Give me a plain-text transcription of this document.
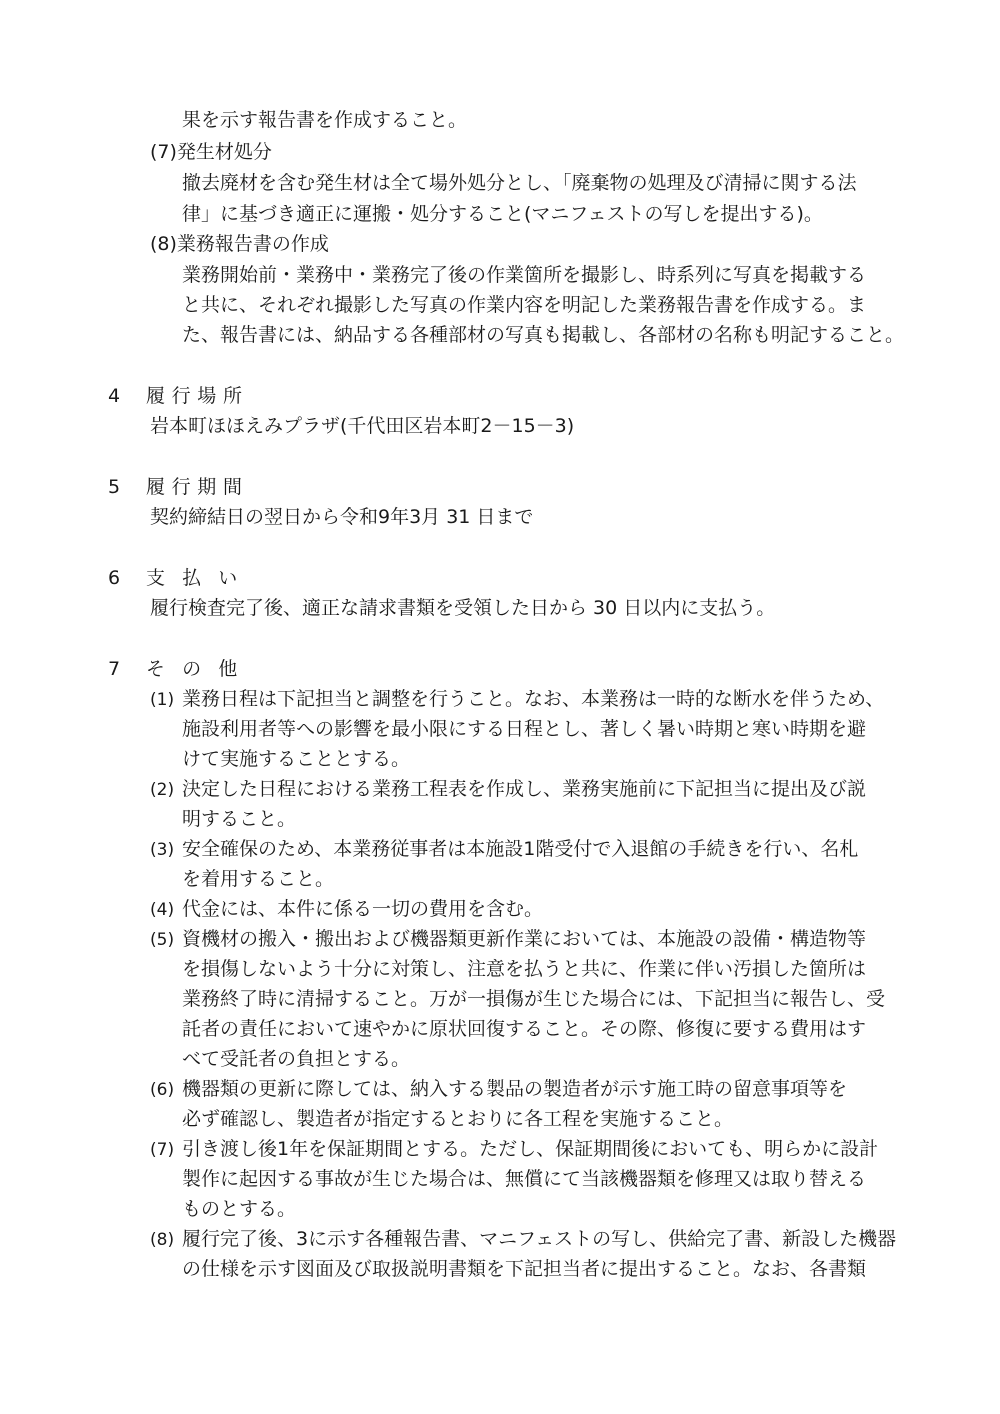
果を示す報告書を作成すること。
(7)発生材処分
撤去廃材を含む発生材は全て場外処分とし、「廃棄物の処理及び清掃に関する法
律」に基づき適正に運搬・処分すること(マニフェストの写しを提出する)。
(8)業務報告書の作成
業務開始前・業務中・業務完了後の作業箇所を撮影し、時系列に写真を掲載する
と共に、それぞれ撮影した写真の作業内容を明記した業務報告書を作成する。ま
た、報告書には、納品する各種部材の写真も掲載し、各部材の名称も明記すること。
4 履行場所
岩本町ほほえみプラザ(千代田区岩本町2－15－3)
5 履行期間
契約締結日の翌日から令和9年3月 31 日まで
6 支払い
履行検査完了後、適正な請求書類を受領した日から 30 日以内に支払う。
7 その他
(1) 業務日程は下記担当と調整を行うこと。なお、本業務は一時的な断水を伴うため、
施設利用者等への影響を最小限にする日程とし、著しく暑い時期と寒い時期を避
けて実施することとする。
(2) 決定した日程における業務工程表を作成し、業務実施前に下記担当に提出及び説
明すること。
(3) 安全確保のため、本業務従事者は本施設1階受付で入退館の手続きを行い、名札
を着用すること。
(4) 代金には、本件に係る一切の費用を含む。
(5) 資機材の搬入・搬出および機器類更新作業においては、本施設の設備・構造物等
を損傷しないよう十分に対策し、注意を払うと共に、作業に伴い汚損した箇所は
業務終了時に清掃すること。万が一損傷が生じた場合には、下記担当に報告し、受
託者の責任において速やかに原状回復すること。その際、修復に要する費用はす
べて受託者の負担とする。
(6) 機器類の更新に際しては、納入する製品の製造者が示す施工時の留意事項等を
必ず確認し、製造者が指定するとおりに各工程を実施すること。
(7) 引き渡し後1年を保証期間とする。ただし、保証期間後においても、明らかに設計
製作に起因する事故が生じた場合は、無償にて当該機器類を修理又は取り替える
ものとする。
(8) 履行完了後、3に示す各種報告書、マニフェストの写し、供給完了書、新設した機器
の仕様を示す図面及び取扱説明書類を下記担当者に提出すること。なお、各書類
